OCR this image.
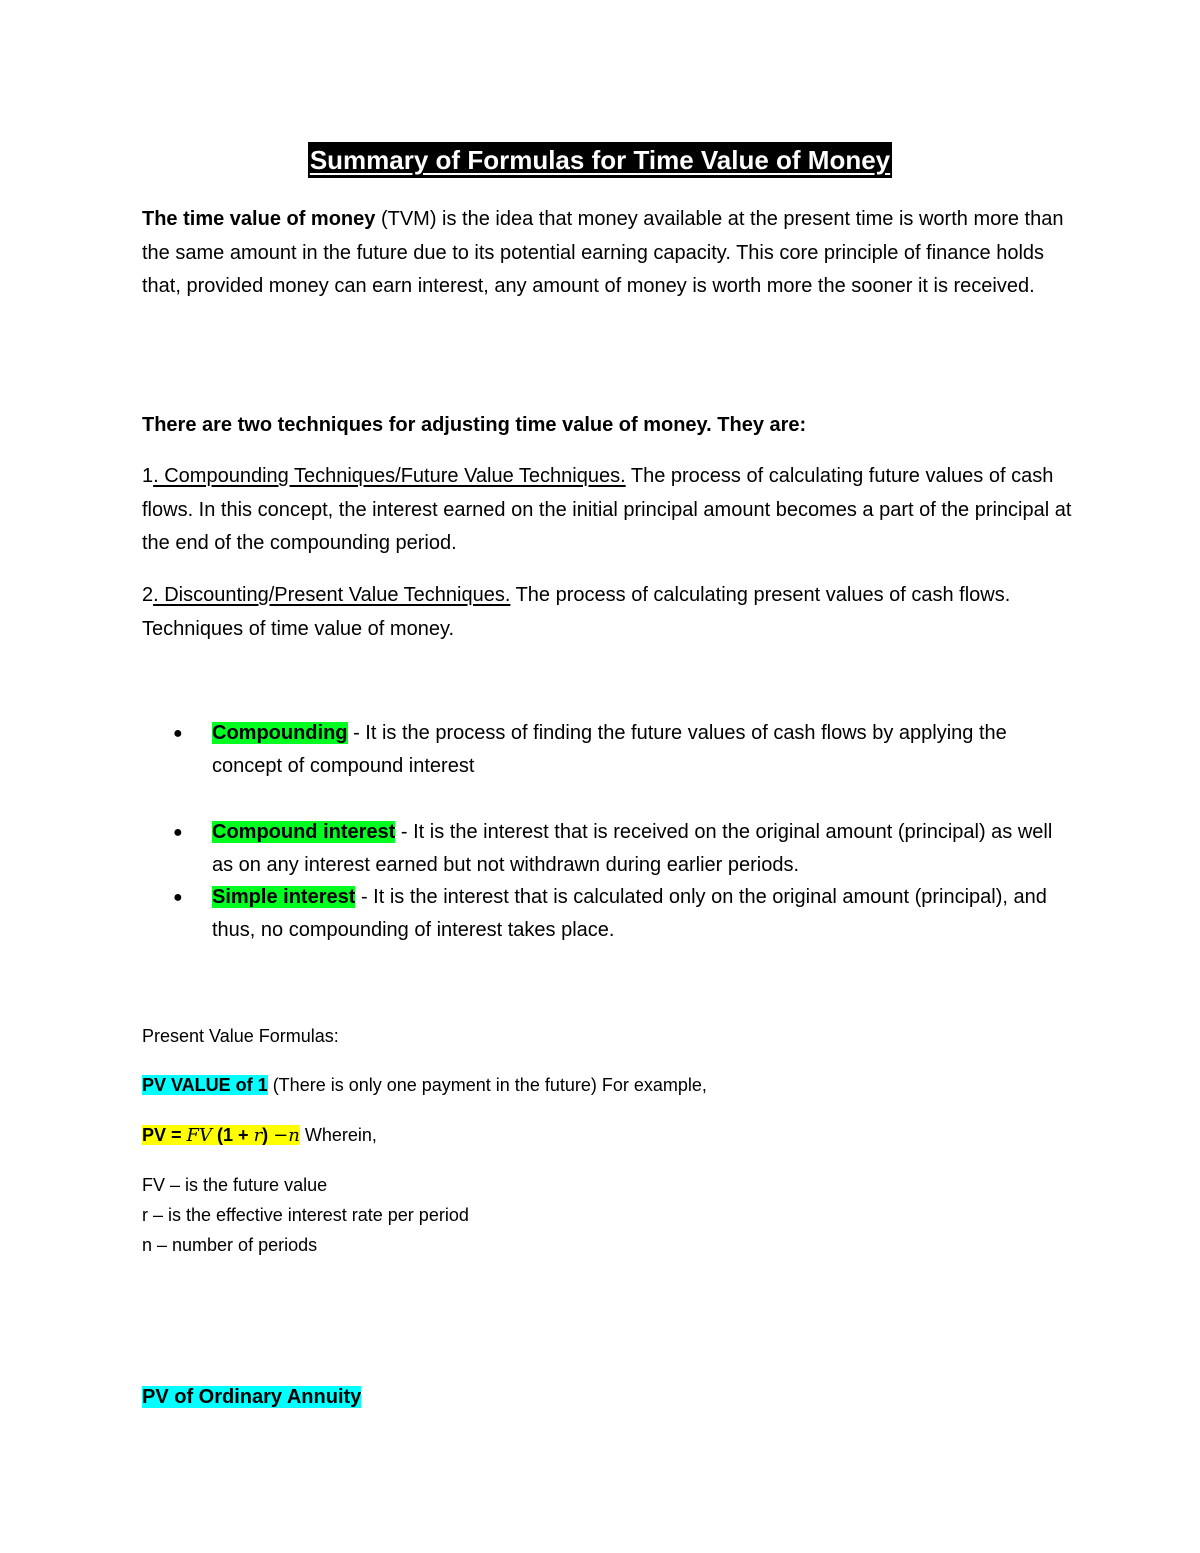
Summary of Formulas for Time Value of Money
The time value of money (TVM) is the idea that money available at the present time is worth more than the same amount in the future due to its potential earning capacity. This core principle of finance holds that, provided money can earn interest, any amount of money is worth more the sooner it is received.
There are two techniques for adjusting time value of money. They are:
1. Compounding Techniques/Future Value Techniques. The process of calculating future values of cash flows. In this concept, the interest earned on the initial principal amount becomes a part of the principal at the end of the compounding period.
2. Discounting/Present Value Techniques. The process of calculating present values of cash flows. Techniques of time value of money.
● Compounding - It is the process of finding the future values of cash flows by applying the concept of compound interest
● Compound interest - It is the interest that is received on the original amount (principal) as well as on any interest earned but not withdrawn during earlier periods.
● Simple interest - It is the interest that is calculated only on the original amount (principal), and thus, no compounding of interest takes place.
Present Value Formulas:
PV VALUE of 1 (There is only one payment in the future) For example,
PV = FV (1 + r) −n Wherein,
FV – is the future value
r – is the effective interest rate per period
n – number of periods
PV of Ordinary Annuity
